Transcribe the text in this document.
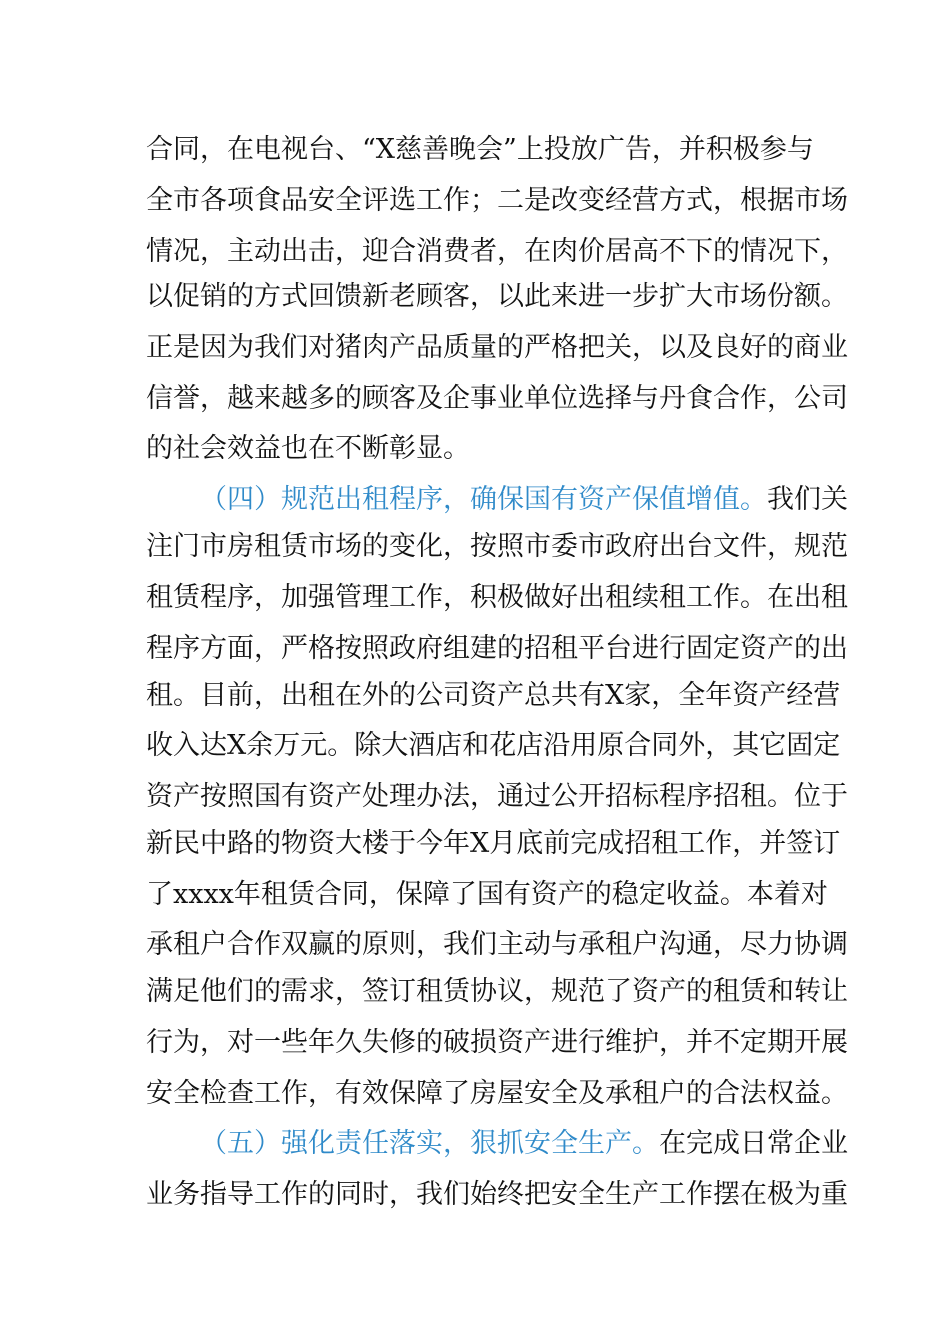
合同，在电视台、“X慈善晚会”上投放广告，并积极参与
全市各项食品安全评选工作；二是改变经营方式，根据市场
情况，主动出击，迎合消费者，在肉价居高不下的情况下，
以促销的方式回馈新老顾客，以此来进一步扩大市场份额。
正是因为我们对猪肉产品质量的严格把关，以及良好的商业
信誉，越来越多的顾客及企事业单位选择与丹食合作，公司
的社会效益也在不断彰显。
（四）规范出租程序，确保国有资产保值增值。我们关
注门市房租赁市场的变化，按照市委市政府出台文件，规范
租赁程序，加强管理工作，积极做好出租续租工作。在出租
程序方面，严格按照政府组建的招租平台进行固定资产的出
租。目前，出租在外的公司资产总共有X家，全年资产经营
收入达X余万元。除大酒店和花店沿用原合同外，其它固定
资产按照国有资产处理办法，通过公开招标程序招租。位于
新民中路的物资大楼于今年X月底前完成招租工作，并签订
了xxxx年租赁合同，保障了国有资产的稳定收益。本着对
承租户合作双赢的原则，我们主动与承租户沟通，尽力协调
满足他们的需求，签订租赁协议，规范了资产的租赁和转让
行为，对一些年久失修的破损资产进行维护，并不定期开展
安全检查工作，有效保障了房屋安全及承租户的合法权益。
（五）强化责任落实，狠抓安全生产。在完成日常企业
业务指导工作的同时，我们始终把安全生产工作摆在极为重
